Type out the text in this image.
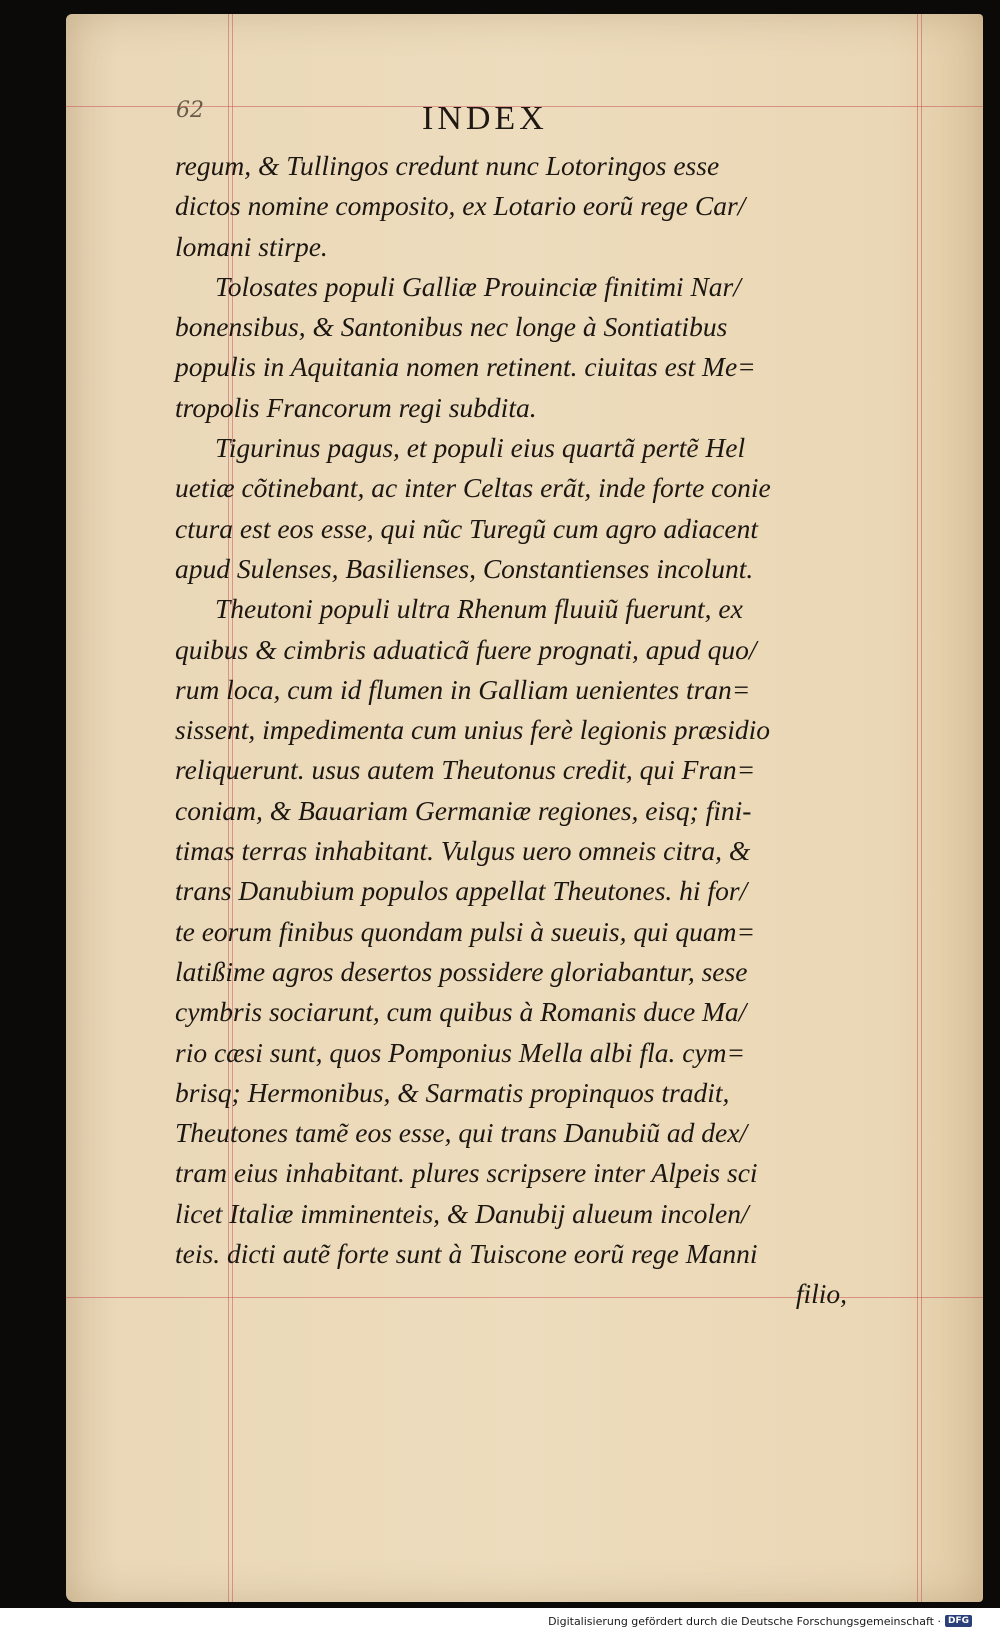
62	INDEX
regum, & Tullingos credunt nunc Lotoringos esse
dictos nomine composito, ex Lotario eorũ rege Car/
lomani stirpe.
Tolosates populi Galliæ Prouinciæ finitimi Nar/
bonensibus, & Santonibus nec longe à Sontiatibus
populis in Aquitania nomen retinent. ciuitas est Me=
tropolis Francorum regi subdita.
Tigurinus pagus, et populi eius quartã pertẽ Hel
uetiæ cõtinebant, ac inter Celtas erãt, inde forte conie
ctura est eos esse, qui nũc Turegũ cum agro adiacent
apud Sulenses, Basilienses, Constantienses incolunt.
Theutoni populi ultra Rhenum fluuiũ fuerunt, ex
quibus & cimbris aduaticã fuere prognati, apud quo/
rum loca, cum id flumen in Galliam uenientes tran=
sissent, impedimenta cum unius ferè legionis præsidio
reliquerunt. usus autem Theutonus credit, qui Fran=
coniam, & Bauariam Germaniæ regiones, eisq; fini-
timas terras inhabitant. Vulgus uero omneis citra, &
trans Danubium populos appellat Theutones. hi for/
te eorum finibus quondam pulsi à sueuis, qui quam=
latißime agros desertos possidere gloriabantur, sese
cymbris sociarunt, cum quibus à Romanis duce Ma/
rio cæsi sunt, quos Pomponius Mella albi fla. cym=
brisq; Hermonibus, & Sarmatis propinquos tradit,
Theutones tamẽ eos esse, qui trans Danubiũ ad dex/
tram eius inhabitant. plures scripsere inter Alpeis sci
licet Italiæ imminenteis, & Danubij alueum incolen/
teis. dicti autẽ forte sunt à Tuiscone eorũ rege Manni
filio,
Digitalisierung gefördert durch die Deutsche Forschungsgemeinschaft · DFG
